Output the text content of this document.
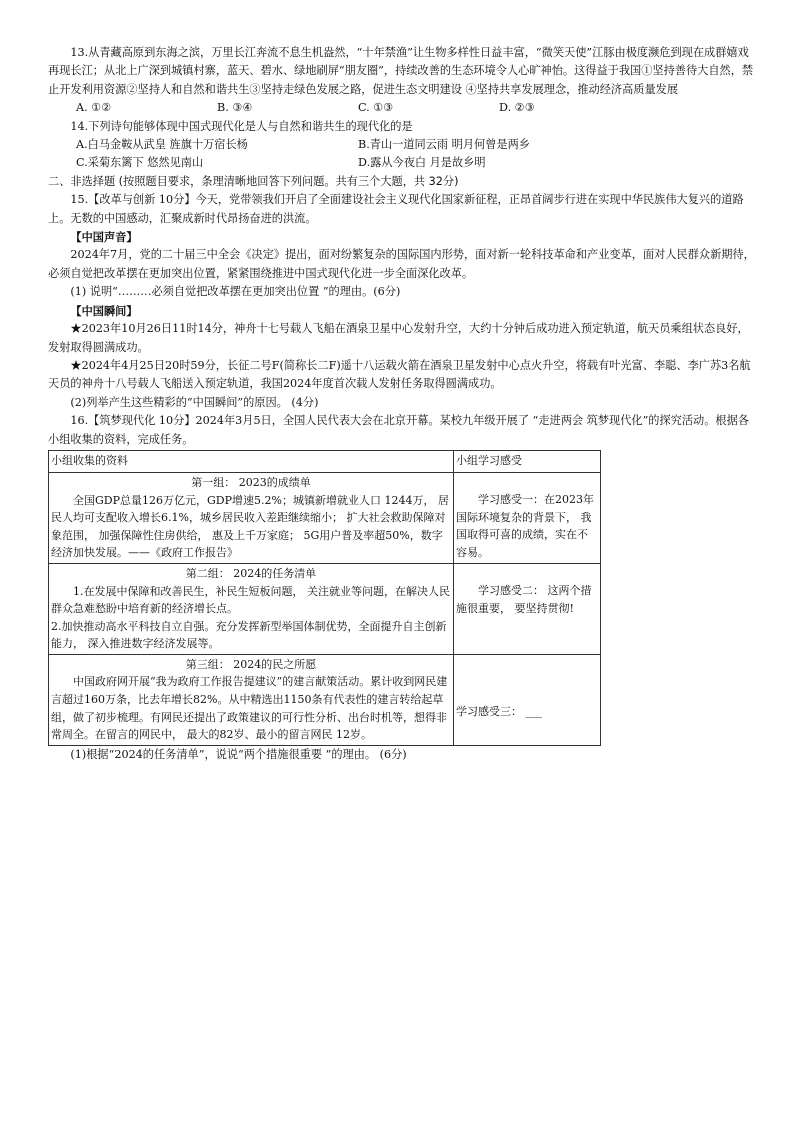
13.从青藏高原到东海之滨，万里长江奔流不息生机盎然，“十年禁渔”让生物多样性日益丰富，“微笑天使”江豚由极度濒危到现在成群嬉戏再现长江；从北上广深到城镇村寨，蓝天、碧水、绿地刷屏“朋友圈”，持续改善的生态环境令人心旷神怡。这得益于我国①坚持善待大自然，禁止开发利用资源②坚持人和自然和谐共生③坚持走绿色发展之路，促进生态文明建设 ④坚持共享发展理念，推动经济高质量发展

A. ①②	B. ③④	C. ①③	D. ②③

14.下列诗句能够体现中国式现代化是人与自然和谐共生的现代化的是

A.白马金鞍从武皇 旌旗十万宿长杨	B.青山一道同云雨 明月何曾是两乡
C.采菊东篱下 悠然见南山	D.露从今夜白 月是故乡明

二、非选择题 (按照题目要求，条理清晰地回答下列问题。共有三个大题，共 32分)

15.【改革与创新 10分】今天，党带领我们开启了全面建设社会主义现代化国家新征程，正昂首阔步行进在实现中华民族伟大复兴的道路上。无数的中国感动，汇聚成新时代昂扬奋进的洪流。

【中国声音】

2024年7月，党的二十届三中全会《决定》提出，面对纷繁复杂的国际国内形势，面对新一轮科技革命和产业变革，面对人民群众新期待，必须自觉把改革摆在更加突出位置，紧紧围绕推进中国式现代化进一步全面深化改革。

(1) 说明“………必须自觉把改革摆在更加突出位置 ”的理由。(6分)

【中国瞬间】

★2023年10月26日11时14分，神舟十七号载人飞船在酒泉卫星中心发射升空，大约十分钟后成功进入预定轨道，航天员乘组状态良好，发射取得圆满成功。

★2024年4月25日20时59分，长征二号F(简称长二F)遥十八运载火箭在酒泉卫星发射中心点火升空，将载有叶光富、李聪、李广苏3名航天员的神舟十八号载人飞船送入预定轨道，我国2024年度首次载人发射任务取得圆满成功。

(2)列举产生这些精彩的“中国瞬间”的原因。 (4分)

16.【筑梦现代化 10分】2024年3月5日，全国人民代表大会在北京开幕。某校九年级开展了 “走进两会 筑梦现代化”的探究活动。根据各小组收集的资料，完成任务。

小组收集的资料	小组学习感受

第一组： 2023的成绩单

全国GDP总量126万亿元，GDP增速5.2%；城镇新增就业人口 1244万， 居民人均可支配收入增长6.1%，城乡居民收入差距继续缩小； 扩大社会救助保障对象范围， 加强保障性住房供给， 惠及上千万家庭； 5G用户普及率超50%，数字经济加快发展。——《政府工作报告》	学习感受一：在2023年国际环境复杂的背景下， 我国取得可喜的成绩，实在不容易。

第二组： 2024的任务清单

1.在发展中保障和改善民生，补民生短板问题， 关注就业等问题，在解决人民群众急难愁盼中培育新的经济增长点。
2.加快推动高水平科技自立自强。充分发挥新型举国体制优势，全面提升自主创新能力， 深入推进数字经济发展等。	学习感受二： 这两个措施很重要， 要坚持贯彻!

第三组： 2024的民之所愿

中国政府网开展“我为政府工作报告提建议”的建言献策活动。累计收到网民建言超过160万条，比去年增长82%。从中精选出1150条有代表性的建言转给起草组，做了初步梳理。有网民还提出了政策建议的可行性分析、出台时机等，想得非常周全。在留言的网民中， 最大的82岁、最小的留言网民 12岁。	学习感受三： ___

(1)根据“2024的任务清单”，说说“两个措施很重要 ”的理由。 (6分)
